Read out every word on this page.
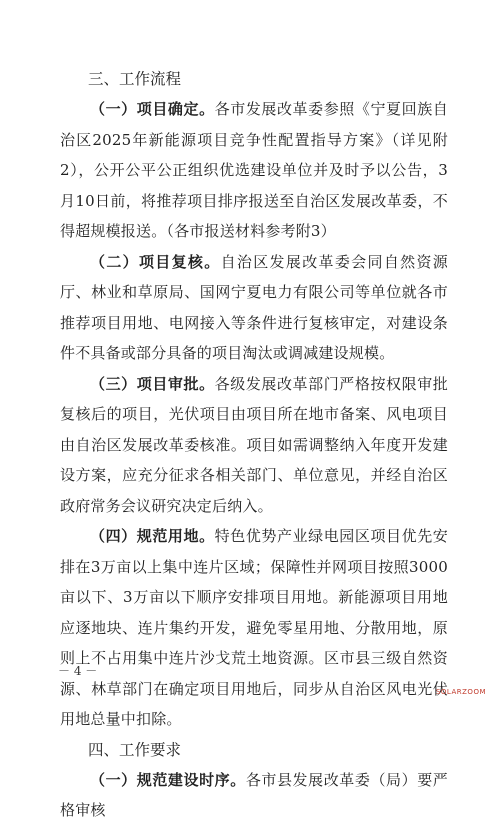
三、工作流程

（一）项目确定。各市发展改革委参照《宁夏回族自治区2025年新能源项目竞争性配置指导方案》（详见附2），公开公平公正组织优选建设单位并及时予以公告，3月10日前，将推荐项目排序报送至自治区发展改革委，不得超规模报送。（各市报送材料参考附3）

（二）项目复核。自治区发展改革委会同自然资源厅、林业和草原局、国网宁夏电力有限公司等单位就各市推荐项目用地、电网接入等条件进行复核审定，对建设条件不具备或部分具备的项目淘汰或调减建设规模。

（三）项目审批。各级发展改革部门严格按权限审批复核后的项目，光伏项目由项目所在地市备案、风电项目由自治区发展改革委核准。项目如需调整纳入年度开发建设方案，应充分征求各相关部门、单位意见，并经自治区政府常务会议研究决定后纳入。

（四）规范用地。特色优势产业绿电园区项目优先安排在3万亩以上集中连片区域；保障性并网项目按照3000亩以下、3万亩以下顺序安排项目用地。新能源项目用地应逐地块、连片集约开发，避免零星用地、分散用地，原则上不占用集中连片沙戈荒土地资源。区市县三级自然资源、林草部门在确定项目用地后，同步从自治区风电光伏用地总量中扣除。

四、工作要求

（一）规范建设时序。各市县发展改革委（局）要严格审核

－ 4 －
SOLARZOOM
